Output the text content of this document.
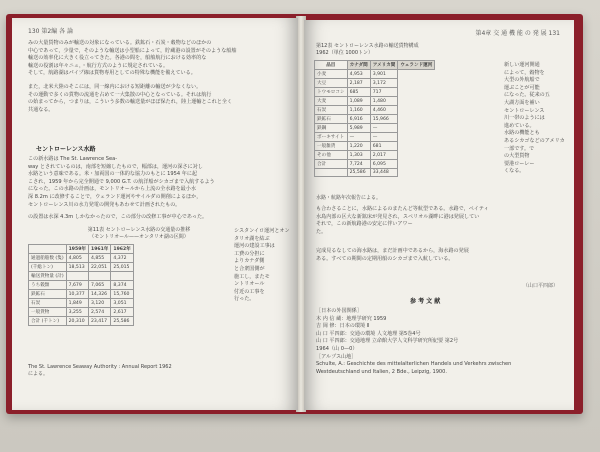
130 第2編 各 論
みの大量貨物のみが輸送の対象になっている。鉄鉱石・石炭・穀物などのほかの
中心であって，少量で，そのような輸送は小型船によって，貯蔵港の設置がそのような船舶
輸送の効率化に大きく役立ってきた。各港の間を，船舶航行における効率的な
輸送の役割は年々ニュ，・航行方式のように規定されている。
そして，航路湖はパイプ線は貨物専用としての特殊な機能を備えている。
また，北米大陸のそこには，同一線内における短距離の輸送が少なくない。
その運動で多くの貨物の流通を占めて一大集散の中心となっている。それは航行
の始まってから，つまりは，こういう多数の輸送量がほぼ保たれ，陸上運輸とこれと全く
共通なる。
セントローレンス水路
この新水路は The St. Lawrence Sea-
way とされているのは，南部を短縮したもので，幅部は，運河の深さに対し
水路という意味である。米・加両国の一体的な協力のもとに 1954 年に起
こされ，1959 年から完全開通で 9,000 G.T. の航洋船がシカゴまで入航するよう
になった。この水路の計画は，モントリオールから上流の全水路を最小水
深 8.2m に改修することで，ウェランド運河やサイルダの開削によるほか，
セントローレンス川の水力発電の開発もあわせて計画されたもの。
の設置は水深 4.3m しかなかったので，この部分の改修工事が中心であった。
第11表 セントローレンス水路の交通量の推移
（モントリオール——オンタリオ湖の区間）
	1959年	1961年	1962年
通過船舶数 (隻)	4,805	4,855	4,372
(千総トン)	18,513	22,051	25,015
輸送貨物量 (計)			
うち穀類	7,679	7,065	8,374
鉄鉱石	10,377	14,326	15,760
石炭	1,849	3,120	3,051
一般貨物	3,255	2,574	2,617
合計 (千トン)	20,310	23,417	25,586
The St. Lawrence Seaway Authority : Annual Report 1962
による。
シスタンイロ運河とオンタリオ湖を結ぶ
運河の建設工事は
工費の分担に
よりカナダ側
と合衆国側が
施工し，またモ
ントリオール
付近の工事を
行った。
第4章 交 通 機 能 の 発 展 131
第12表 セントローレンス水路の輸送貨物構成
1962（単位 1000トン）
品目	カナダ間	アメリカ間	ウェランド運河
小麦	4,953	3,901	
大豆	2,187	3,172	
トウモロコシ	685	717	
大麦	1,089	1,480	
石炭	1,160	4,460	
鉄鉱石	6,916	15,966	
鉄鋼	5,989	—	
ボーキサイト	—	—	
一般雑貨	1,220	681	
その他	1,303	2,017	
合計	7,724	6,095	
	25,586	33,448	
水路・航路年次報告による。
新しい運河開通
によって，穀物を
大型の外航船で
運ぶことが可能
になった。従来の五
大湖方面を補い
セントローレンス
川一帯のようには
進めている。
水路の機能とも
あるシカゴなどのアメリカ
一部です。で
の大型貨物
要港ローレー
くなる。
も合わさることに，水路によるのまたんど等航型である。水路で，ペイティ
水島内部の区大な新鉱床が発見され，スペリオル湖畔に港は発展してい
それで，この新航路港の安定に伴いアワー
た。
完成見るなしての海水路は，まだ計画中であるから，海水路の発展
ある。すべての期間の定期用船のシカゴまで入航している。
（山口平四郎）
参 考 文 献
［日本の外国関係］
木 内 信 蔵：地理学研究 1959
吉 岡 修：日本の環境 Ⅱ
山 口 平四郎：交通の環境 人文地理 第5巻4号
山 口 平四郎：交通地理 立命館大学人文科学研究所紀要 第2号
1964（山 0—0）
［アルプス山地］
Schulte, A.: Geschichte des mittelalterlichen Handels und Verkehrs zwischen
Westdeutschland und Italien, 2 Bde., Leipzig, 1900.
